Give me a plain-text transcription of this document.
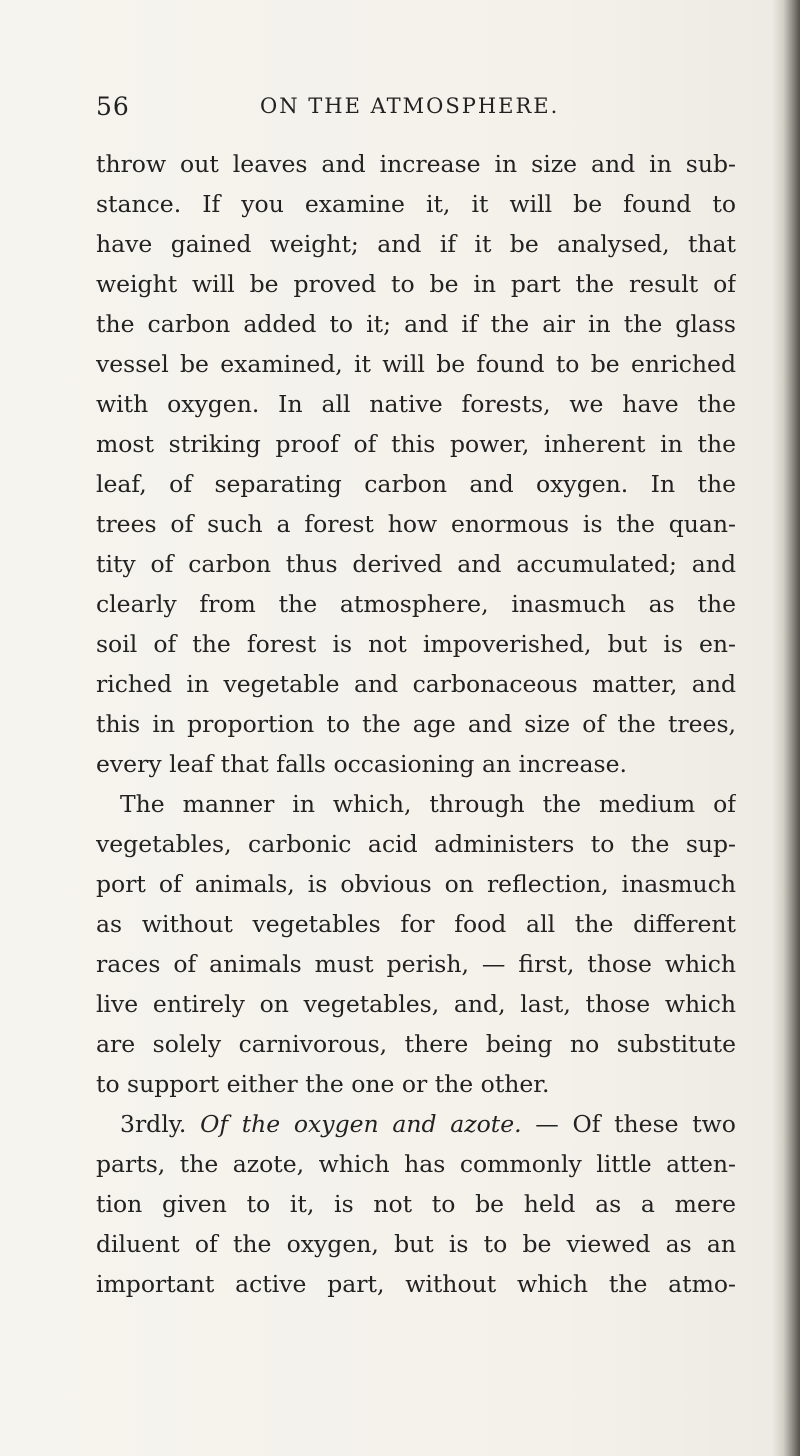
56	ON THE ATMOSPHERE.
throw out leaves and increase in size and in sub-
stance. If you examine it, it will be found to
have gained weight; and if it be analysed, that
weight will be proved to be in part the result of
the carbon added to it; and if the air in the glass
vessel be examined, it will be found to be enriched
with oxygen. In all native forests, we have the
most striking proof of this power, inherent in the
leaf, of separating carbon and oxygen. In the
trees of such a forest how enormous is the quan-
tity of carbon thus derived and accumulated; and
clearly from the atmosphere, inasmuch as the
soil of the forest is not impoverished, but is en-
riched in vegetable and carbonaceous matter, and
this in proportion to the age and size of the trees,
every leaf that falls occasioning an increase.
The manner in which, through the medium of
vegetables, carbonic acid administers to the sup-
port of animals, is obvious on reflection, inasmuch
as without vegetables for food all the different
races of animals must perish, — first, those which
live entirely on vegetables, and, last, those which
are solely carnivorous, there being no substitute
to support either the one or the other.
3rdly. Of the oxygen and azote. — Of these two
parts, the azote, which has commonly little atten-
tion given to it, is not to be held as a mere
diluent of the oxygen, but is to be viewed as an
important active part, without which the atmo-
